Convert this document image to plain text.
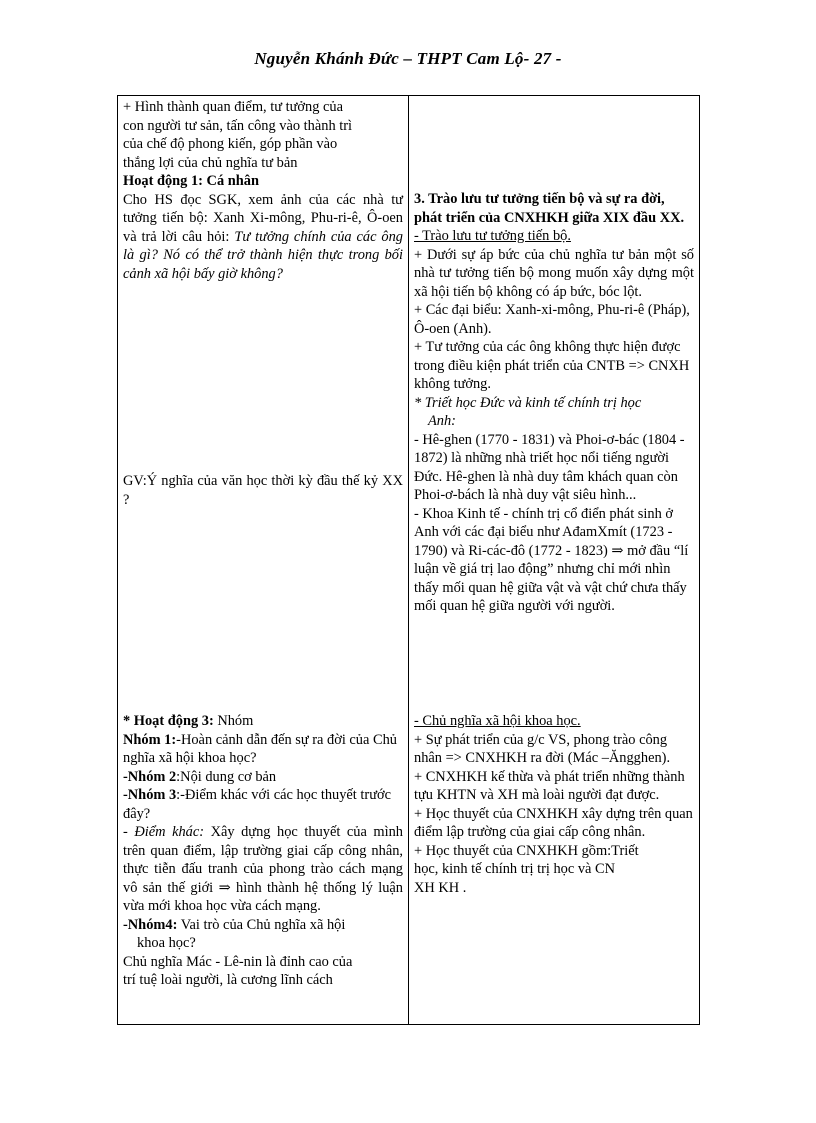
Nguyễn Khánh Đức – THPT Cam Lộ- 27 -

+ Hình thành quan điểm, tư tưởng của

con người tư sản, tấn công vào thành trì

của chế độ phong kiến, góp phần vào

thắng lợi của chủ nghĩa tư bản

Hoạt động 1: Cá nhân

Cho HS đọc SGK, xem ảnh của các nhà tư tưởng tiến bộ: Xanh Xi-mông, Phu-ri-ê, Ô-oen và trả lời câu hỏi: Tư tưởng chính của các ông là gì? Nó có thể trở thành hiện thực trong bối cảnh xã hội bấy giờ không?

GV:Ý nghĩa của văn học thời kỳ đầu thế kỷ XX ?

* Hoạt động 3: Nhóm

Nhóm 1:-Hoàn cảnh dẫn đến sự ra đời của Chủ nghĩa xã hội khoa học?

-Nhóm 2:Nội dung cơ bản

-Nhóm 3:-Điểm khác với các học thuyết trước đây?

- Điểm khác: Xây dựng học thuyết của mình trên quan điểm, lập trường giai cấp công nhân, thực tiễn đấu tranh của phong trào cách mạng vô sản thế giới ⇒ hình thành hệ thống lý luận vừa mới khoa học vừa cách mạng.

-Nhóm4: Vai trò của Chủ nghĩa xã hội

khoa học?

Chủ nghĩa Mác - Lê-nin là đỉnh cao của

trí tuệ loài người, là cương lĩnh cách

3. Trào lưu tư tưởng tiến bộ và sự ra đời, phát triển của CNXHKH giữa XIX đầu XX.

- Trào lưu tư tưởng tiến bộ.

+ Dưới sự áp bức của chủ nghĩa tư bản một số nhà tư tưởng tiến bộ mong muốn xây dựng một xã hội tiến bộ không có áp bức, bóc lột.

+ Các đại biểu: Xanh-xi-mông, Phu-ri-ê (Pháp), Ô-oen (Anh).

+ Tư tưởng của các ông không thực hiện được trong điều kiện phát triển của CNTB => CNXH không tưởng.

* Triết học Đức và kinh tế chính trị học

Anh:

- Hê-ghen (1770 - 1831) và Phoi-ơ-bác (1804 - 1872) là những nhà triết học nổi tiếng người Đức. Hê-ghen là nhà duy tâm khách quan còn Phoi-ơ-bách là nhà duy vật siêu hình...

- Khoa Kinh tế - chính trị cổ điển phát sinh ở Anh với các đại biểu như AđamXmít (1723 - 1790) và Ri-các-đô (1772 - 1823) ⇒ mở đầu “lí luận về giá trị lao động” nhưng chỉ mới nhìn thấy mối quan hệ giữa vật và vật chứ chưa thấy mối quan hệ giữa người với người.

- Chủ nghĩa xã hội khoa học.

+ Sự phát triển của g/c VS, phong trào công nhân => CNXHKH ra đời (Mác –Ăngghen).

+ CNXHKH kế thừa và phát triển những thành tựu KHTN và XH mà loài người đạt được.

+ Học thuyết của CNXHKH xây dựng trên quan điểm lập trường của giai cấp công nhân.

+ Học thuyết của CNXHKH gồm:Triết

học, kinh tế chính trị trị học và CN

XH KH .
